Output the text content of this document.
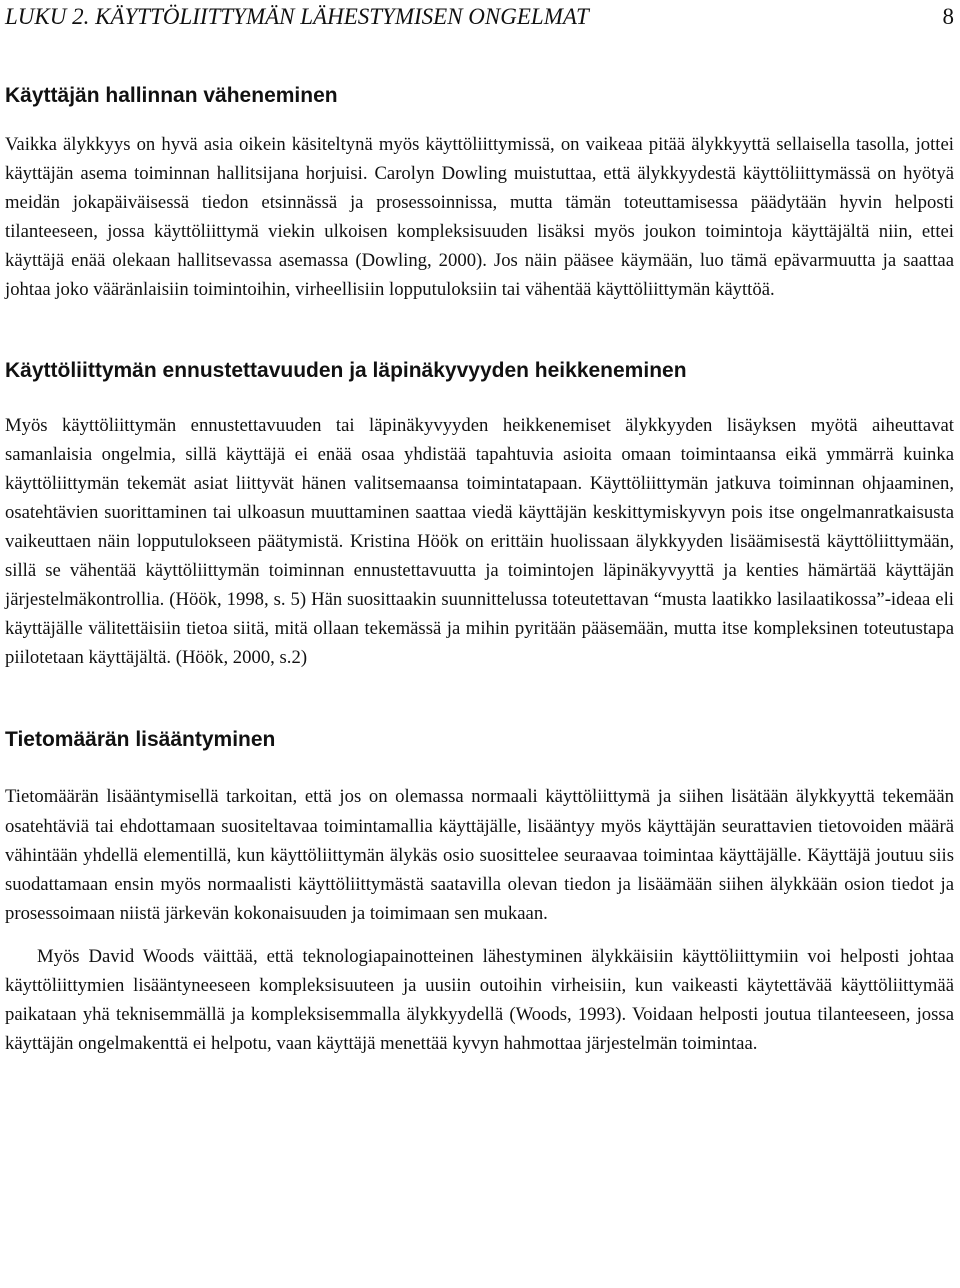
LUKU 2. KÄYTTÖLIITTYMÄN LÄHESTYMISEN ONGELMAT	8
Käyttäjän hallinnan väheneminen

Vaikka älykkyys on hyvä asia oikein käsiteltynä myös käyttöliittymissä, on vaikeaa pitää älykkyyttä sellaisella tasolla, jottei käyttäjän asema toiminnan hallitsijana horjuisi. Carolyn Dowling muistuttaa, että älykkyydestä käyttöliittymässä on hyötyä meidän jokapäiväisessä tiedon etsinnässä ja prosessoinnissa, mutta tämän toteuttamisessa päädytään hyvin helposti tilanteeseen, jossa käyttöliittymä viekin ulkoisen kompleksisuuden lisäksi myös joukon toimintoja käyttäjältä niin, ettei käyttäjä enää olekaan hallitsevassa asemassa (Dowling, 2000). Jos näin pääsee käymään, luo tämä epävarmuutta ja saattaa johtaa joko vääränlaisiin toimintoihin, virheellisiin lopputuloksiin tai vähentää käyttöliittymän käyttöä.

Käyttöliittymän ennustettavuuden ja läpinäkyvyyden heikkeneminen

Myös käyttöliittymän ennustettavuuden tai läpinäkyvyyden heikkenemiset älykkyyden lisäyksen myötä aiheuttavat samanlaisia ongelmia, sillä käyttäjä ei enää osaa yhdistää tapahtuvia asioita omaan toimintaansa eikä ymmärrä kuinka käyttöliittymän tekemät asiat liittyvät hänen valitsemaansa toimintatapaan. Käyttöliittymän jatkuva toiminnan ohjaaminen, osatehtävien suorittaminen tai ulkoasun muuttaminen saattaa viedä käyttäjän keskittymiskyvyn pois itse ongelmanratkaisusta vaikeuttaen näin lopputulokseen päätymistä. Kristina Höök on erittäin huolissaan älykkyyden lisäämisestä käyttöliittymään, sillä se vähentää käyttöliittymän toiminnan ennustettavuutta ja toimintojen läpinäkyvyyttä ja kenties hämärtää käyttäjän järjestelmäkontrollia. (Höök, 1998, s. 5) Hän suosittaakin suunnittelussa toteutettavan “musta laatikko lasilaatikossa”-ideaa eli käyttäjälle välitettäisiin tietoa siitä, mitä ollaan tekemässä ja mihin pyritään pääsemään, mutta itse kompleksinen toteutustapa piilotetaan käyttäjältä. (Höök, 2000, s.2)

Tietomäärän lisääntyminen

Tietomäärän lisääntymisellä tarkoitan, että jos on olemassa normaali käyttöliittymä ja siihen lisätään älykkyyttä tekemään osatehtäviä tai ehdottamaan suositeltavaa toimintamallia käyttäjälle, lisääntyy myös käyttäjän seurattavien tietovoiden määrä vähintään yhdellä elementillä, kun käyttöliittymän älykäs osio suosittelee seuraavaa toimintaa käyttäjälle. Käyttäjä joutuu siis suodattamaan ensin myös normaalisti käyttöliittymästä saatavilla olevan tiedon ja lisäämään siihen älykkään osion tiedot ja prosessoimaan niistä järkevän kokonaisuuden ja toimimaan sen mukaan.

Myös David Woods väittää, että teknologiapainotteinen lähestyminen älykkäisiin käyttöliittymiin voi helposti johtaa käyttöliittymien lisääntyneeseen kompleksisuuteen ja uusiin outoihin virheisiin, kun vaikeasti käytettävää käyttöliittymää paikataan yhä teknisemmällä ja kompleksisemmalla älykkyydellä (Woods, 1993). Voidaan helposti joutua tilanteeseen, jossa käyttäjän ongelmakenttä ei helpotu, vaan käyttäjä menettää kyvyn hahmottaa järjestelmän toimintaa.
